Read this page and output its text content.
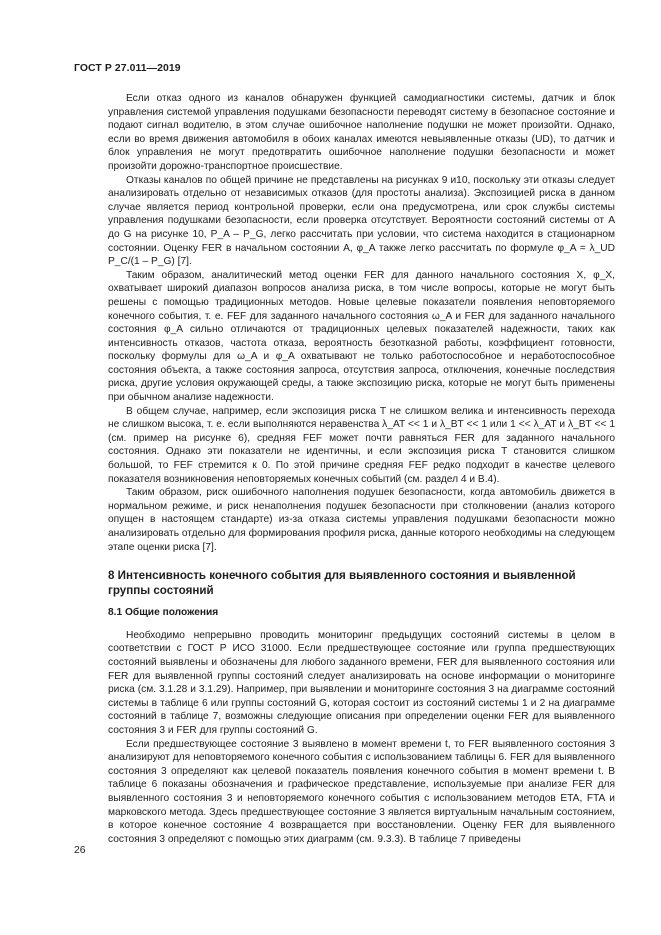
ГОСТ Р 27.011—2019

Если отказ одного из каналов обнаружен функцией самодиагностики системы, датчик и блок управления системой управления подушками безопасности переводят систему в безопасное состояние и подают сигнал водителю, в этом случае ошибочное наполнение подушки не может произойти. Однако, если во время движения автомобиля в обоих каналах имеются невыявленные отказы (UD), то датчик и блок управления не могут предотвратить ошибочное наполнение подушки безопасности и может произойти дорожно-транспортное происшествие.

Отказы каналов по общей причине не представлены на рисунках 9 и10, поскольку эти отказы следует анализировать отдельно от независимых отказов (для простоты анализа). Экспозицией риска в данном случае является период контрольной проверки, если она предусмотрена, или срок службы системы управления подушками безопасности, если проверка отсутствует. Вероятности состояний системы от A до G на рисунке 10, P_A – P_G, легко рассчитать при условии, что система находится в стационарном состоянии. Оценку FER в начальном состоянии A, φ_A также легко рассчитать по формуле φ_A = λ_UD P_C/(1 – P_G) [7].

Таким образом, аналитический метод оценки FER для данного начального состояния X, φ_X, охватывает широкий диапазон вопросов анализа риска, в том числе вопросы, которые не могут быть решены с помощью традиционных методов. Новые целевые показатели появления неповторяемого конечного события, т. е. FEF для заданного начального состояния ω_A и FER для заданного начального состояния φ_A сильно отличаются от традиционных целевых показателей надежности, таких как интенсивность отказов, частота отказа, вероятность безотказной работы, коэффициент готовности, поскольку формулы для ω_A и φ_A охватывают не только работоспособное и неработоспособное состояния объекта, а также состояния запроса, отсутствия запроса, отключения, конечные последствия риска, другие условия окружающей среды, а также экспозицию риска, которые не могут быть применены при обычном анализе надежности.

В общем случае, например, если экспозиция риска T не слишком велика и интенсивность перехода не слишком высока, т. е. если выполняются неравенства λ_AT << 1 и λ_BT << 1 или 1 << λ_AT и λ_BT << 1 (см. пример на рисунке 6), средняя FEF может почти равняться FER для заданного начального состояния. Однако эти показатели не идентичны, и если экспозиция риска T становится слишком большой, то FEF стремится к 0. По этой причине средняя FEF редко подходит в качестве целевого показателя возникновения неповторяемых конечных событий (см. раздел 4 и B.4).

Таким образом, риск ошибочного наполнения подушек безопасности, когда автомобиль движется в нормальном режиме, и риск ненаполнения подушек безопасности при столкновении (анализ которого опущен в настоящем стандарте) из-за отказа системы управления подушками безопасности можно анализировать отдельно для формирования профиля риска, данные которого необходимы на следующем этапе оценки риска [7].

8 Интенсивность конечного события для выявленного состояния и выявленной группы состояний
8.1 Общие положения

Необходимо непрерывно проводить мониторинг предыдущих состояний системы в целом в соответствии с ГОСТ Р ИСО 31000. Если предшествующее состояние или группа предшествующих состояний выявлены и обозначены для любого заданного времени, FER для выявленного состояния или FER для выявленной группы состояний следует анализировать на основе информации о мониторинге риска (см. 3.1.28 и 3.1.29). Например, при выявлении и мониторинге состояния 3 на диаграмме состояний системы в таблице 6 или группы состояний G, которая состоит из состояний системы 1 и 2 на диаграмме состояний в таблице 7, возможны следующие описания при определении оценки FER для выявленного состояния 3 и FER для группы состояний G.

Если предшествующее состояние 3 выявлено в момент времени t, то FER выявленного состояния 3 анализируют для неповторяемого конечного события с использованием таблицы 6. FER для выявленного состояния 3 определяют как целевой показатель появления конечного события в момент времени t. В таблице 6 показаны обозначения и графическое представление, используемые при анализе FER для выявленного состояния 3 и неповторяемого конечного события с использованием методов ETA, FTA и марковского метода. Здесь предшествующее состояние 3 является виртуальным начальным состоянием, в которое конечное состояние 4 возвращается при восстановлении. Оценку FER для выявленного состояния 3 определяют с помощью этих диаграмм (см. 9.3.3). В таблице 7 приведены

26
